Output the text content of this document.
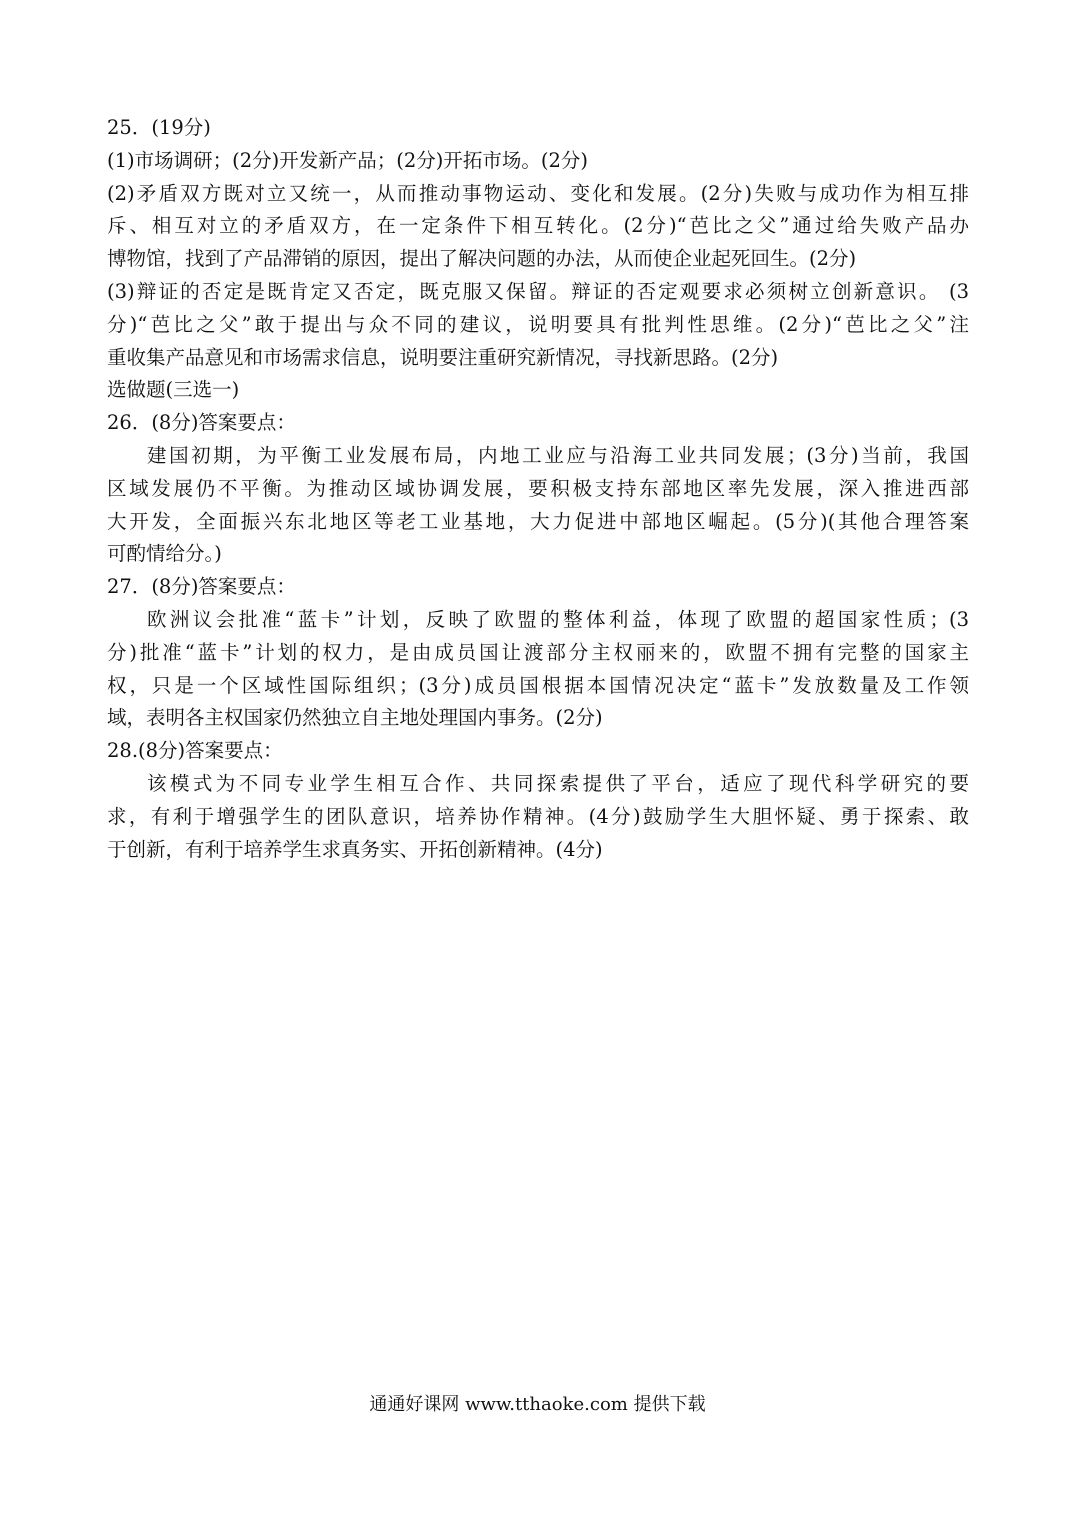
25．(19分)
(1)市场调研；(2分)开发新产品；(2分)开拓市场。(2分)
(2)矛盾双方既对立又统一，从而推动事物运动、变化和发展。(2分)失败与成功作为相互排
斥、相互对立的矛盾双方，在一定条件下相互转化。(2分)“芭比之父”通过给失败产品办
博物馆，找到了产品滞销的原因，提出了解决问题的办法，从而使企业起死回生。(2分)
(3)辩证的否定是既肯定又否定，既克服又保留。辩证的否定观要求必须树立创新意识。 (3
分)“芭比之父”敢于提出与众不同的建议，说明要具有批判性思维。(2分)“芭比之父”注
重收集产品意见和市场需求信息，说明要注重研究新情况，寻找新思路。(2分)
选做题(三选一)
26．(8分)答案要点：
建国初期，为平衡工业发展布局，内地工业应与沿海工业共同发展；(3分)当前，我国
区域发展仍不平衡。为推动区域协调发展，要积极支持东部地区率先发展，深入推进西部
大开发，全面振兴东北地区等老工业基地，大力促进中部地区崛起。(5分)(其他合理答案
可酌情给分。)
27．(8分)答案要点：
欧洲议会批准“蓝卡”计划，反映了欧盟的整体利益，体现了欧盟的超国家性质；(3
分)批准“蓝卡”计划的权力，是由成员国让渡部分主权丽来的，欧盟不拥有完整的国家主
权，只是一个区域性国际组织；(3分)成员国根据本国情况决定“蓝卡”发放数量及工作领
域，表明各主权国家仍然独立自主地处理国内事务。(2分)
28.(8分)答案要点：
该模式为不同专业学生相互合作、共同探索提供了平台，适应了现代科学研究的要
求，有利于增强学生的团队意识，培养协作精神。(4分)鼓励学生大胆怀疑、勇于探索、敢
于创新，有利于培养学生求真务实、开拓创新精神。(4分)
通通好课网 www.tthaoke.com 提供下载
